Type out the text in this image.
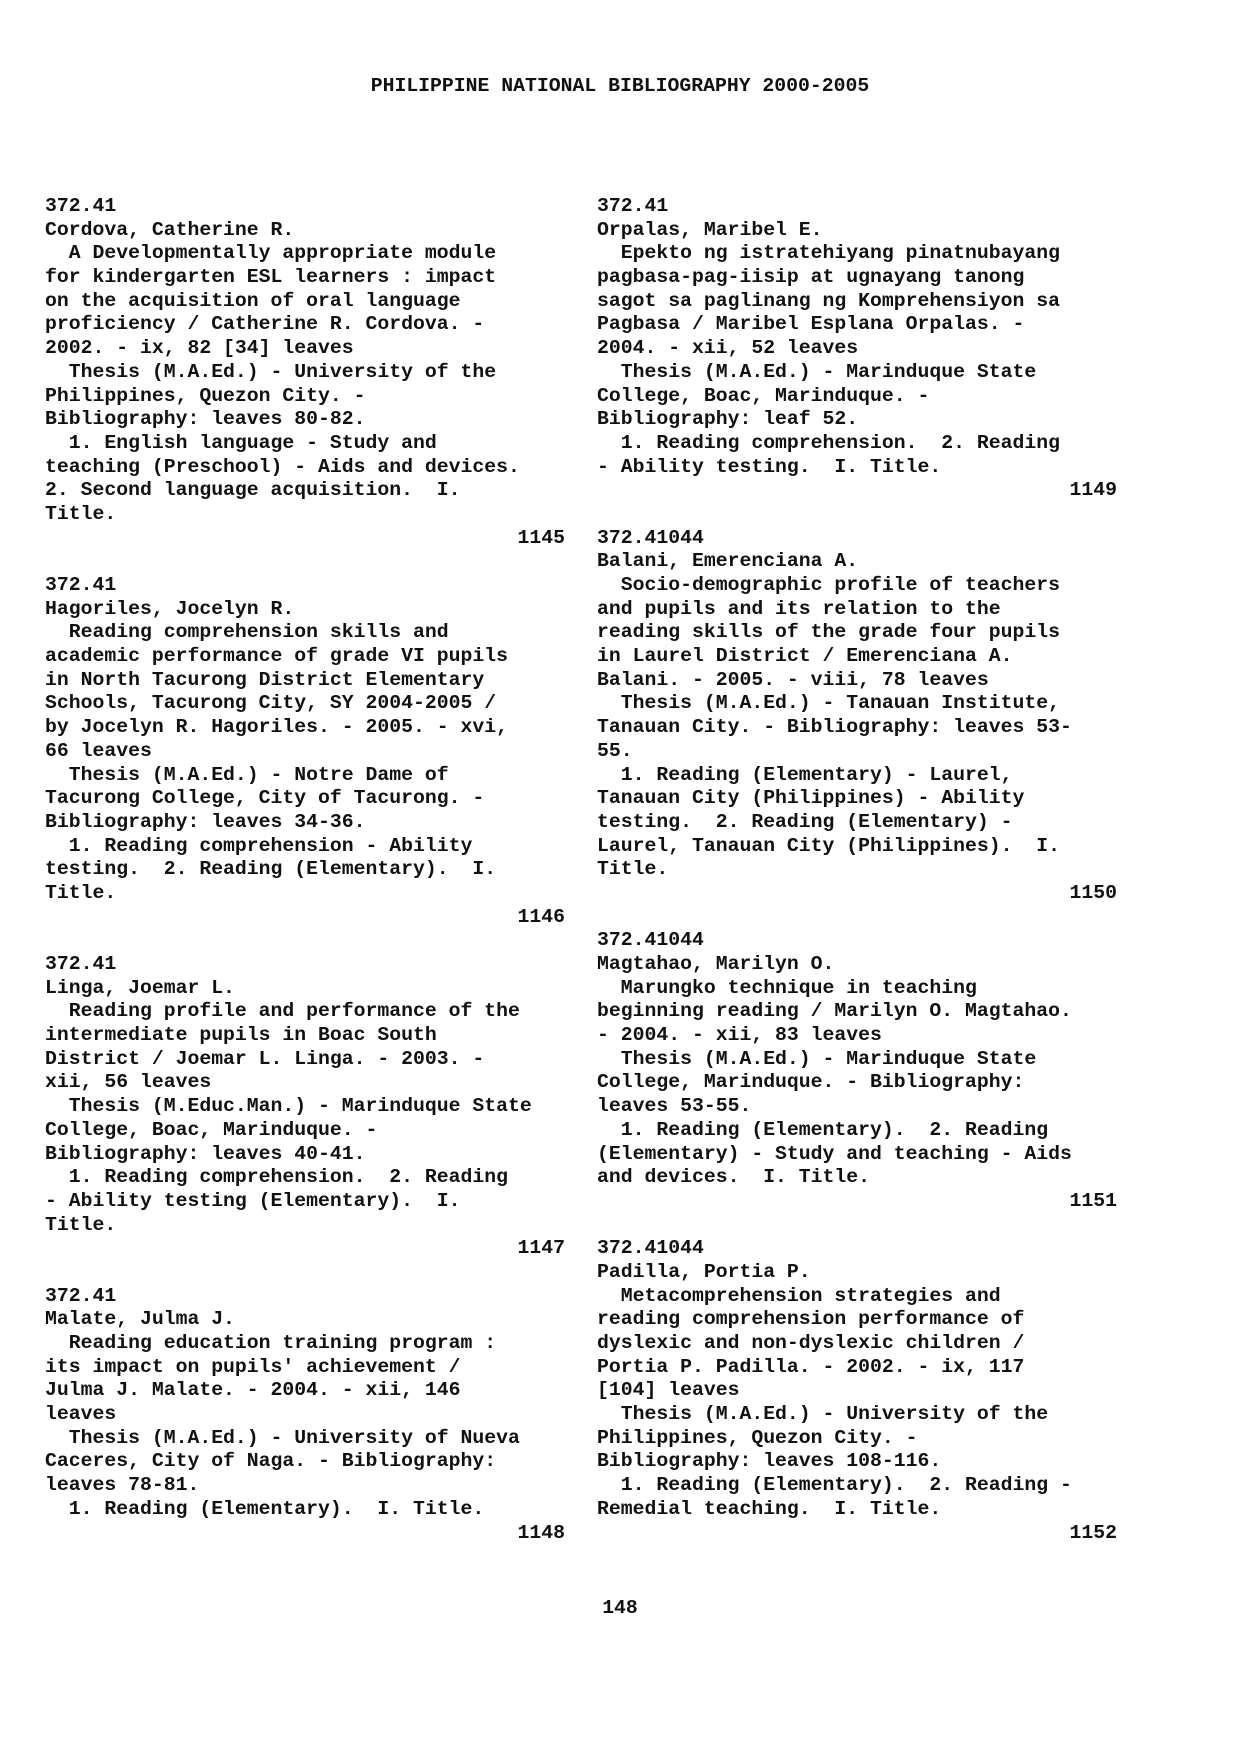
PHILIPPINE NATIONAL BIBLIOGRAPHY 2000-2005
372.41
Cordova, Catherine R.
A Developmentally appropriate module
for kindergarten ESL learners : impact
on the acquisition of oral language
proficiency / Catherine R. Cordova. -
2002. - ix, 82 [34] leaves
Thesis (M.A.Ed.) - University of the
Philippines, Quezon City. -
Bibliography: leaves 80-82.
1. English language - Study and
teaching (Preschool) - Aids and devices.
2. Second language acquisition.  I.
Title.
1145
372.41
Hagoriles, Jocelyn R.
Reading comprehension skills and
academic performance of grade VI pupils
in North Tacurong District Elementary
Schools, Tacurong City, SY 2004-2005 /
by Jocelyn R. Hagoriles. - 2005. - xvi,
66 leaves
Thesis (M.A.Ed.) - Notre Dame of
Tacurong College, City of Tacurong. -
Bibliography: leaves 34-36.
1. Reading comprehension - Ability
testing.  2. Reading (Elementary).  I.
Title.
1146
372.41
Linga, Joemar L.
Reading profile and performance of the
intermediate pupils in Boac South
District / Joemar L. Linga. - 2003. -
xii, 56 leaves
Thesis (M.Educ.Man.) - Marinduque State
College, Boac, Marinduque. -
Bibliography: leaves 40-41.
1. Reading comprehension.  2. Reading
- Ability testing (Elementary).  I.
Title.
1147
372.41
Malate, Julma J.
Reading education training program :
its impact on pupils' achievement /
Julma J. Malate. - 2004. - xii, 146
leaves
Thesis (M.A.Ed.) - University of Nueva
Caceres, City of Naga. - Bibliography:
leaves 78-81.
1. Reading (Elementary).  I. Title.
1148
372.41
Orpalas, Maribel E.
Epekto ng istratehiyang pinatnubayang
pagbasa-pag-iisip at ugnayang tanong
sagot sa paglinang ng Komprehensiyon sa
Pagbasa / Maribel Esplana Orpalas. -
2004. - xii, 52 leaves
Thesis (M.A.Ed.) - Marinduque State
College, Boac, Marinduque. -
Bibliography: leaf 52.
1. Reading comprehension.  2. Reading
- Ability testing.  I. Title.
1149
372.41044
Balani, Emerenciana A.
Socio-demographic profile of teachers
and pupils and its relation to the
reading skills of the grade four pupils
in Laurel District / Emerenciana A.
Balani. - 2005. - viii, 78 leaves
Thesis (M.A.Ed.) - Tanauan Institute,
Tanauan City. - Bibliography: leaves 53-
55.
1. Reading (Elementary) - Laurel,
Tanauan City (Philippines) - Ability
testing.  2. Reading (Elementary) -
Laurel, Tanauan City (Philippines).  I.
Title.
1150
372.41044
Magtahao, Marilyn O.
Marungko technique in teaching
beginning reading / Marilyn O. Magtahao.
- 2004. - xii, 83 leaves
Thesis (M.A.Ed.) - Marinduque State
College, Marinduque. - Bibliography:
leaves 53-55.
1. Reading (Elementary).  2. Reading
(Elementary) - Study and teaching - Aids
and devices.  I. Title.
1151
372.41044
Padilla, Portia P.
Metacomprehension strategies and
reading comprehension performance of
dyslexic and non-dyslexic children /
Portia P. Padilla. - 2002. - ix, 117
[104] leaves
Thesis (M.A.Ed.) - University of the
Philippines, Quezon City. -
Bibliography: leaves 108-116.
1. Reading (Elementary).  2. Reading -
Remedial teaching.  I. Title.
1152
148
